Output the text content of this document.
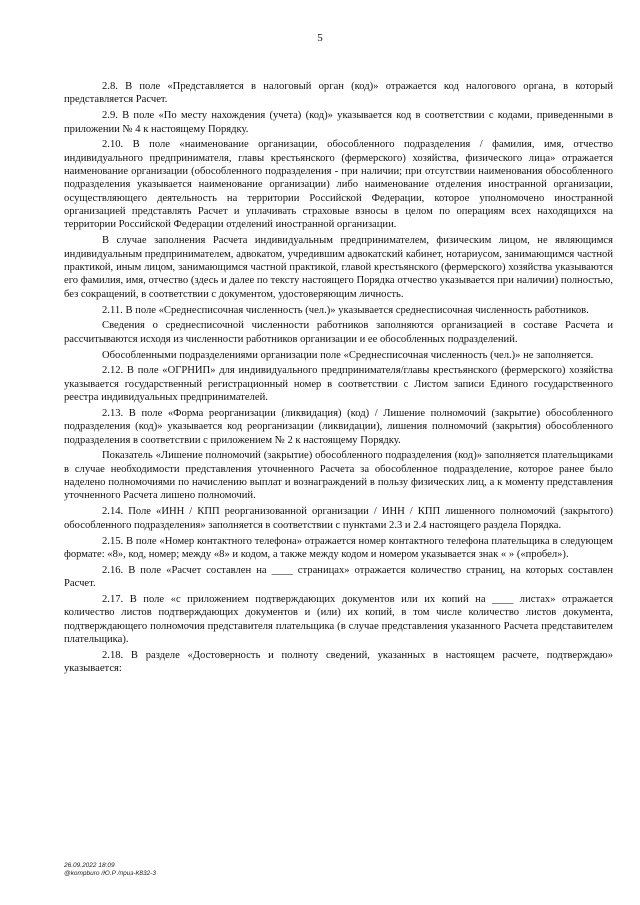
5

2.8. В поле «Представляется в налоговый орган (код)» отражается код налогового органа, в который представляется Расчет.

2.9. В поле «По месту нахождения (учета) (код)» указывается код в соответствии с кодами, приведенными в приложении № 4 к настоящему Порядку.

2.10. В поле «наименование организации, обособленного подразделения / фамилия, имя, отчество индивидуального предпринимателя, главы крестьянского (фермерского) хозяйства, физического лица» отражается наименование организации (обособленного подразделения - при наличии; при отсутствии наименования обособленного подразделения указывается наименование организации) либо наименование отделения иностранной организации, осуществляющего деятельность на территории Российской Федерации, которое уполномочено иностранной организацией представлять Расчет и уплачивать страховые взносы в целом по операциям всех находящихся на территории Российской Федерации отделений иностранной организации.

В случае заполнения Расчета индивидуальным предпринимателем, физическим лицом, не являющимся индивидуальным предпринимателем, адвокатом, учредившим адвокатский кабинет, нотариусом, занимающимся частной практикой, иным лицом, занимающимся частной практикой, главой крестьянского (фермерского) хозяйства указываются его фамилия, имя, отчество (здесь и далее по тексту настоящего Порядка отчество указывается при наличии) полностью, без сокращений, в соответствии с документом, удостоверяющим личность.

2.11. В поле «Среднесписочная численность (чел.)» указывается среднесписочная численность работников.

Сведения о среднесписочной численности работников заполняются организацией в составе Расчета и рассчитываются исходя из численности работников организации и ее обособленных подразделений.

Обособленными подразделениями организации поле «Среднесписочная численность (чел.)» не заполняется.

2.12. В поле «ОГРНИП» для индивидуального предпринимателя/главы крестьянского (фермерского) хозяйства указывается государственный регистрационный номер в соответствии с Листом записи Единого государственного реестра индивидуальных предпринимателей.

2.13. В поле «Форма реорганизации (ликвидация) (код) / Лишение полномочий (закрытие) обособленного подразделения (код)» указывается код реорганизации (ликвидации), лишения полномочий (закрытия) обособленного подразделения в соответствии с приложением № 2 к настоящему Порядку.

Показатель «Лишение полномочий (закрытие) обособленного подразделения (код)» заполняется плательщиками в случае необходимости представления уточненного Расчета за обособленное подразделение, которое ранее было наделено полномочиями по начислению выплат и вознаграждений в пользу физических лиц, а к моменту представления уточненного Расчета лишено полномочий.

2.14. Поле «ИНН / КПП реорганизованной организации / ИНН / КПП лишенного полномочий (закрытого) обособленного подразделения» заполняется в соответствии с пунктами 2.3 и 2.4 настоящего раздела Порядка.

2.15. В поле «Номер контактного телефона» отражается номер контактного телефона плательщика в следующем формате: «8», код, номер; между «8» и кодом, а также между кодом и номером указывается знак « » («пробел»).

2.16. В поле «Расчет составлен на ____ страницах» отражается количество страниц, на которых составлен Расчет.

2.17. В поле «с приложением подтверждающих документов или их копий на ____ листах» отражается количество листов подтверждающих документов и (или) их копий, в том числе количество листов документа, подтверждающего полномочия представителя плательщика (в случае представления указанного Расчета представителем плательщика).

2.18. В разделе «Достоверность и полноту сведений, указанных в настоящем расчете, подтверждаю» указывается:

26.09.2022 18:09
@kompburo /Ю.Р /приз-К832-3
